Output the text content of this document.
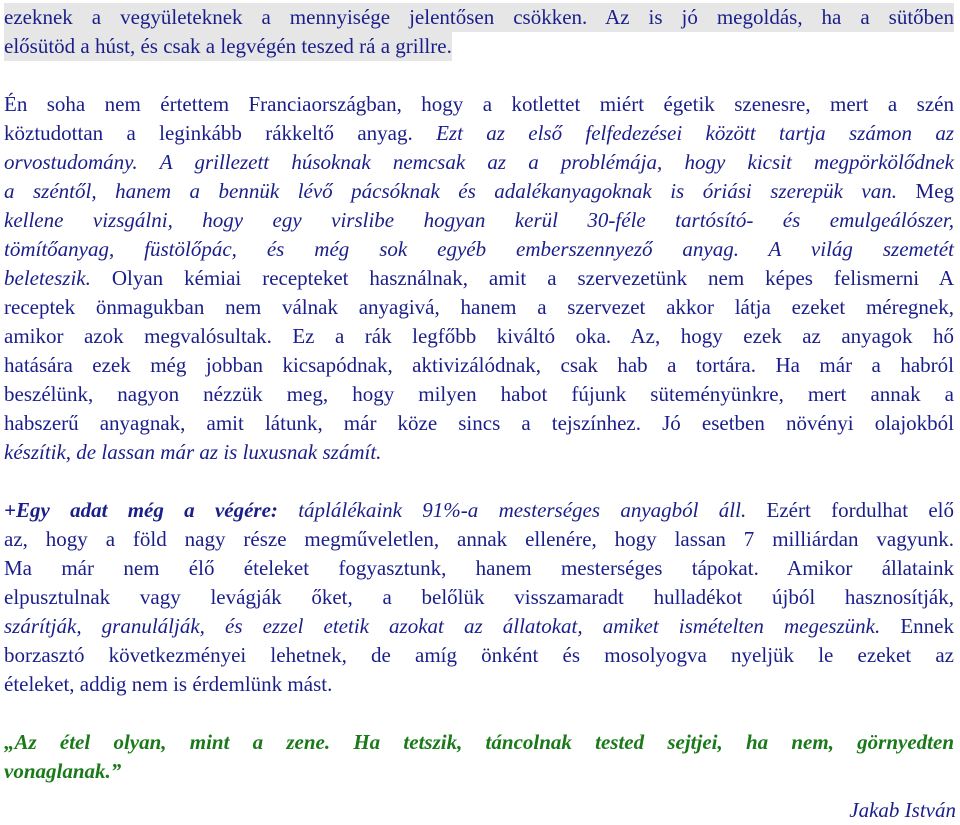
ezeknek a vegyületeknek a mennyisége jelentősen csökken. Az is jó megoldás, ha a sütőben
elősütöd a húst, és csak a legvégén teszed rá a grillre.
Én soha nem értettem Franciaországban, hogy a kotlettet miért égetik szenesre, mert a szén
köztudottan a leginkább rákkeltő anyag. Ezt az első felfedezései között tartja számon az
orvostudomány. A grillezett húsoknak nemcsak az a problémája, hogy kicsit megpörkölődnek
a széntől, hanem a bennük lévő pácsóknak és adalékanyagoknak is óriási szerepük van. Meg
kellene vizsgálni, hogy egy virslibe hogyan kerül 30-féle tartósító- és emulgeálószer,
tömítőanyag, füstölőpác, és még sok egyéb emberszennyező anyag. A világ szemetét
beleteszik. Olyan kémiai recepteket használnak, amit a szervezetünk nem képes felismerni A
receptek önmagukban nem válnak anyagivá, hanem a szervezet akkor látja ezeket méregnek,
amikor azok megvalósultak. Ez a rák legfőbb kiváltó oka. Az, hogy ezek az anyagok hő
hatására ezek még jobban kicsapódnak, aktivizálódnak, csak hab a tortára. Ha már a habról
beszélünk, nagyon nézzük meg, hogy milyen habot fújunk süteményünkre, mert annak a
habszerű anyagnak, amit látunk, már köze sincs a tejszínhez. Jó esetben növényi olajokból
készítik, de lassan már az is luxusnak számít.
+Egy adat még a végére: táplálékaink 91%-a mesterséges anyagból áll. Ezért fordulhat elő
az, hogy a föld nagy része megműveletlen, annak ellenére, hogy lassan 7 milliárdan vagyunk.
Ma már nem élő ételeket fogyasztunk, hanem mesterséges tápokat. Amikor állataink
elpusztulnak vagy levágják őket, a belőlük visszamaradt hulladékot újból hasznosítják,
szárítják, granulálják, és ezzel etetik azokat az állatokat, amiket ismételten megeszünk. Ennek
borzasztó következményei lehetnek, de amíg önként és mosolyogva nyeljük le ezeket az
ételeket, addig nem is érdemlünk mást.
„Az étel olyan, mint a zene. Ha tetszik, táncolnak tested sejtjei, ha nem, görnyedten
vonaglanak.”
Jakab István
